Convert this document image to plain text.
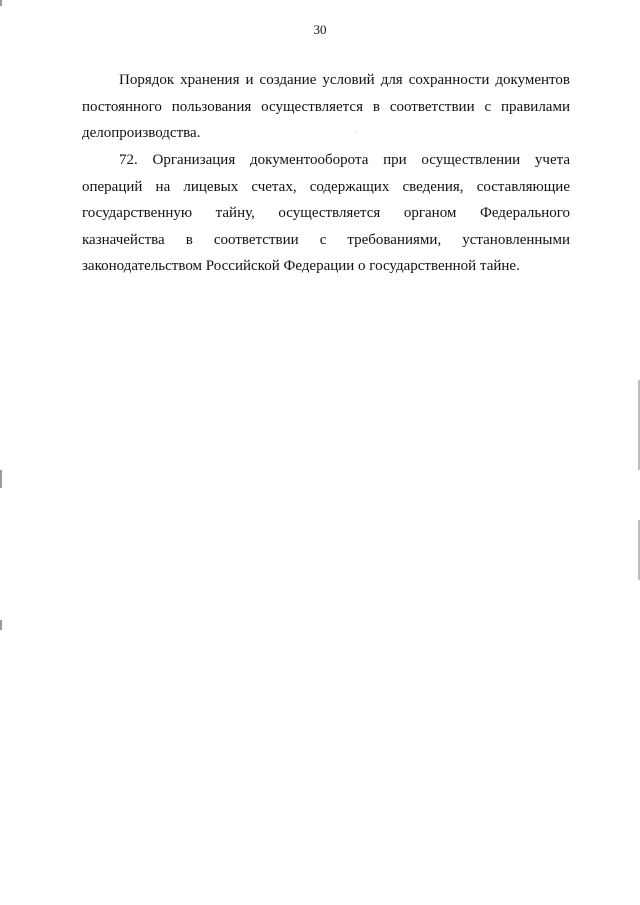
30

Порядок хранения и создание условий для сохранности документов постоянного пользования осуществляется в соответствии с правилами делопроизводства.

72. Организация документооборота при осуществлении учета операций на лицевых счетах, содержащих сведения, составляющие государственную тайну, осуществляется органом Федерального казначейства в соответствии с требованиями, установленными законодательством Российской Федерации о государственной тайне.
